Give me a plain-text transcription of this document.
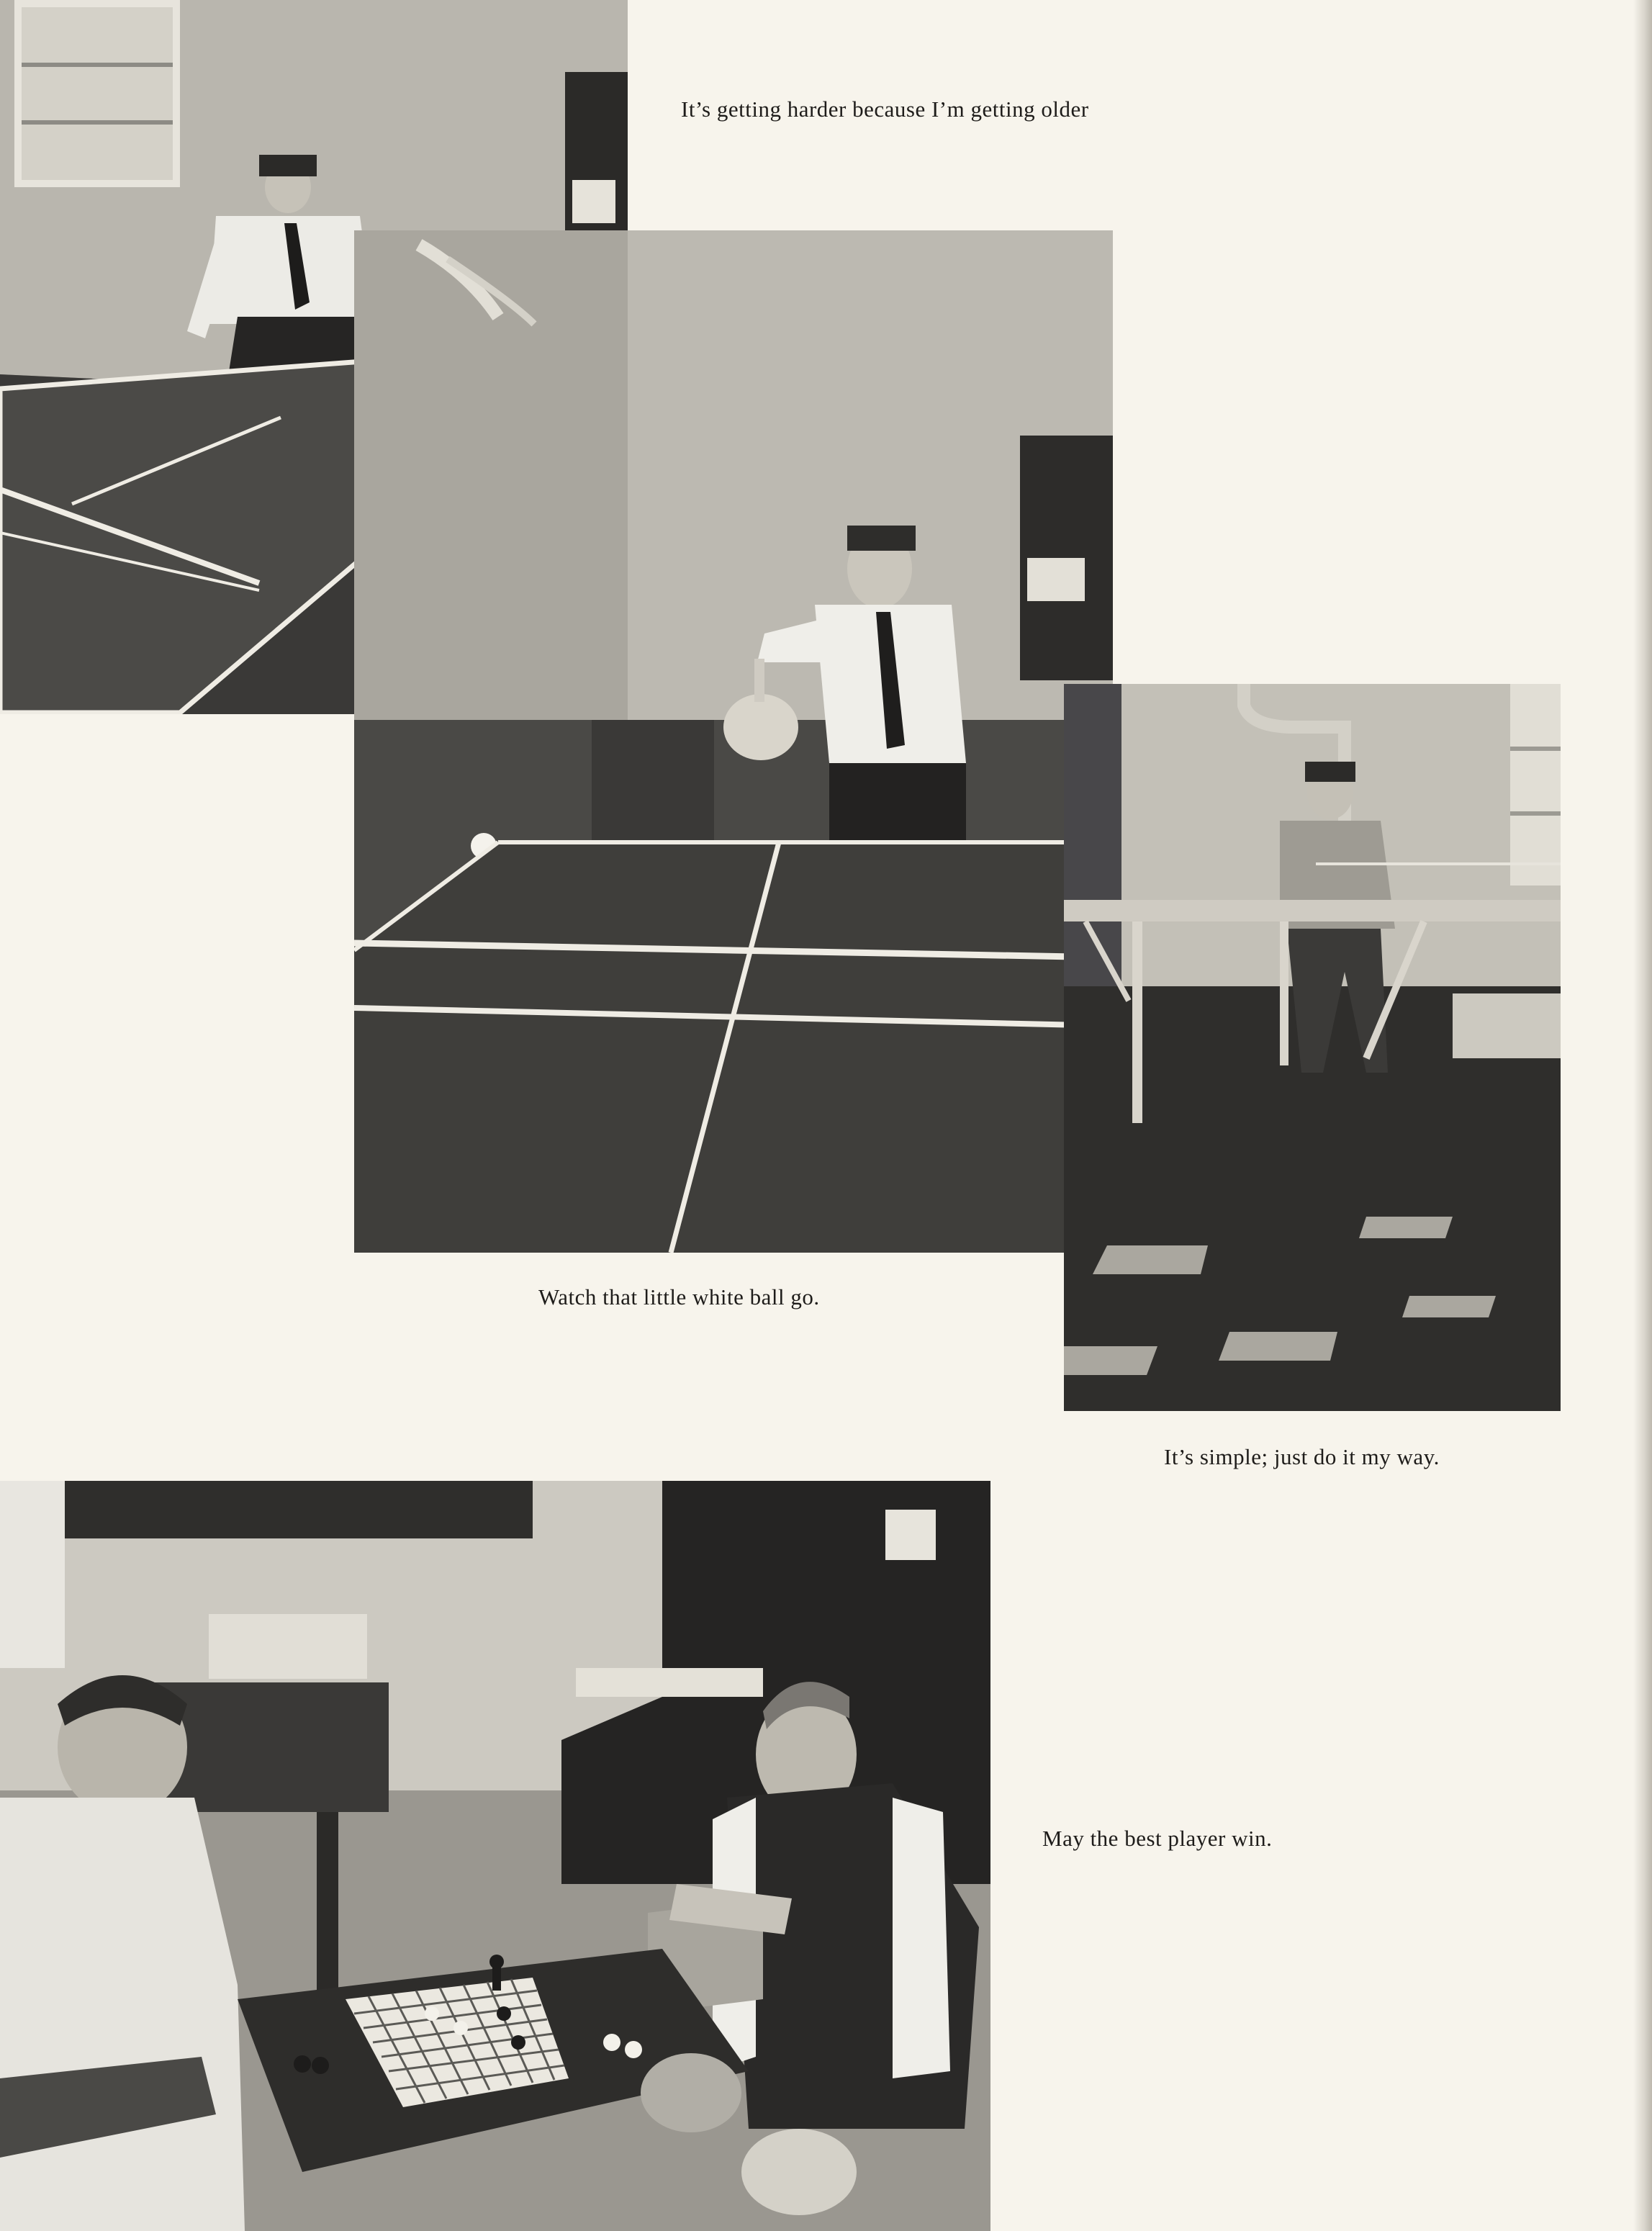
It’s getting harder because I’m getting older
Watch that little white ball go.
It’s simple; just do it my way.
May the best player win.
